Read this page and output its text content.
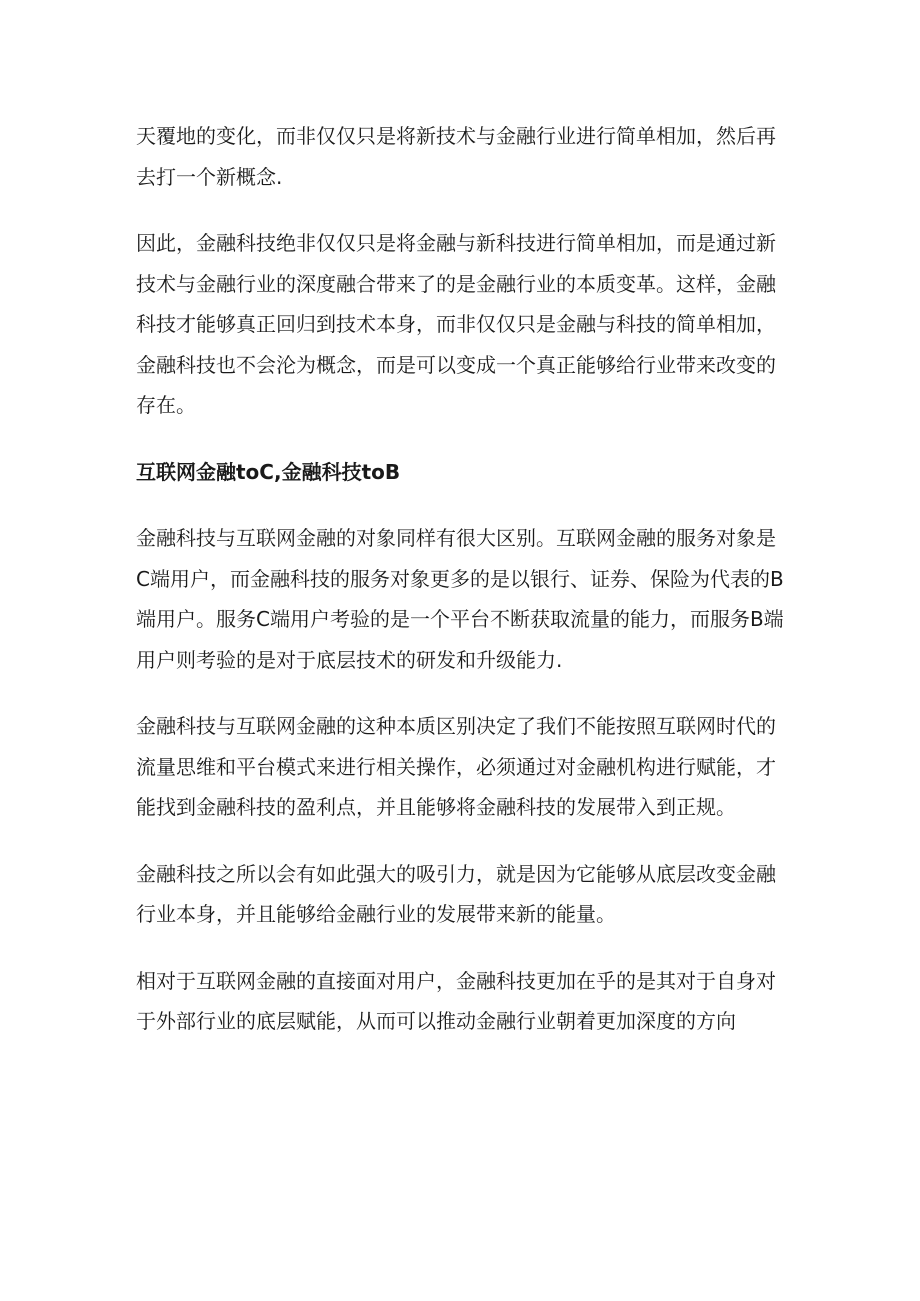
天覆地的变化，而非仅仅只是将新技术与金融行业进行简单相加，然后再去打一个新概念.

因此，金融科技绝非仅仅只是将金融与新科技进行简单相加，而是通过新技术与金融行业的深度融合带来了的是金融行业的本质变革。这样，金融科技才能够真正回归到技术本身，而非仅仅只是金融与科技的简单相加，金融科技也不会沦为概念，而是可以变成一个真正能够给行业带来改变的存在。

互联网金融toC,金融科技toB

金融科技与互联网金融的对象同样有很大区别。互联网金融的服务对象是C端用户，而金融科技的服务对象更多的是以银行、证券、保险为代表的B端用户。服务C端用户考验的是一个平台不断获取流量的能力，而服务B端用户则考验的是对于底层技术的研发和升级能力.

金融科技与互联网金融的这种本质区别决定了我们不能按照互联网时代的流量思维和平台模式来进行相关操作，必须通过对金融机构进行赋能，才能找到金融科技的盈利点，并且能够将金融科技的发展带入到正规。

金融科技之所以会有如此强大的吸引力，就是因为它能够从底层改变金融行业本身，并且能够给金融行业的发展带来新的能量。

相对于互联网金融的直接面对用户，金融科技更加在乎的是其对于自身对于外部行业的底层赋能，从而可以推动金融行业朝着更加深度的方向
